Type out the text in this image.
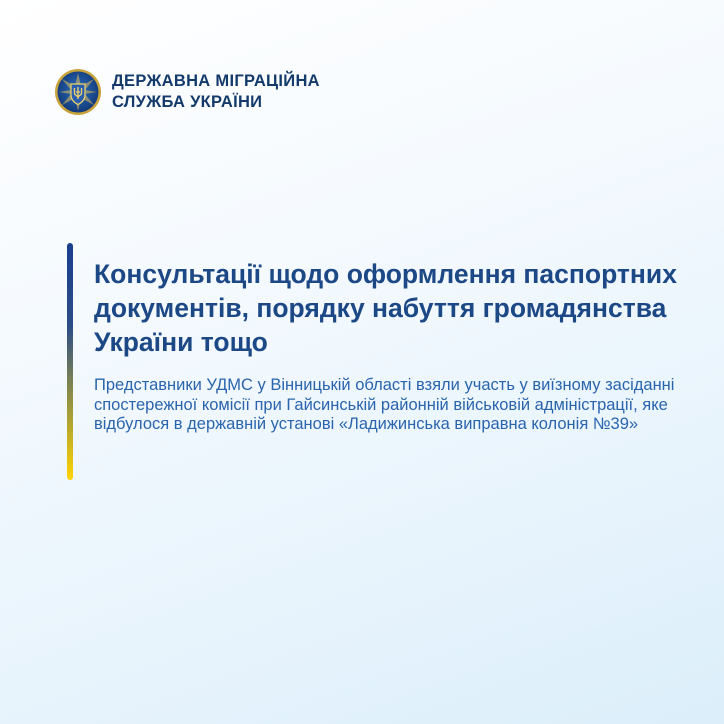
ДЕРЖАВНА МІГРАЦІЙНА
СЛУЖБА УКРАЇНИ
Консультації щодо оформлення паспортних документів, порядку набуття громадянства України тощо

Представники УДМС у Вінницькій області взяли участь у виїзному засіданні спостережної комісії при Гайсинській районній військовій адміністрації, яке відбулося в державній установі «Ладижинська виправна колонія №39»
